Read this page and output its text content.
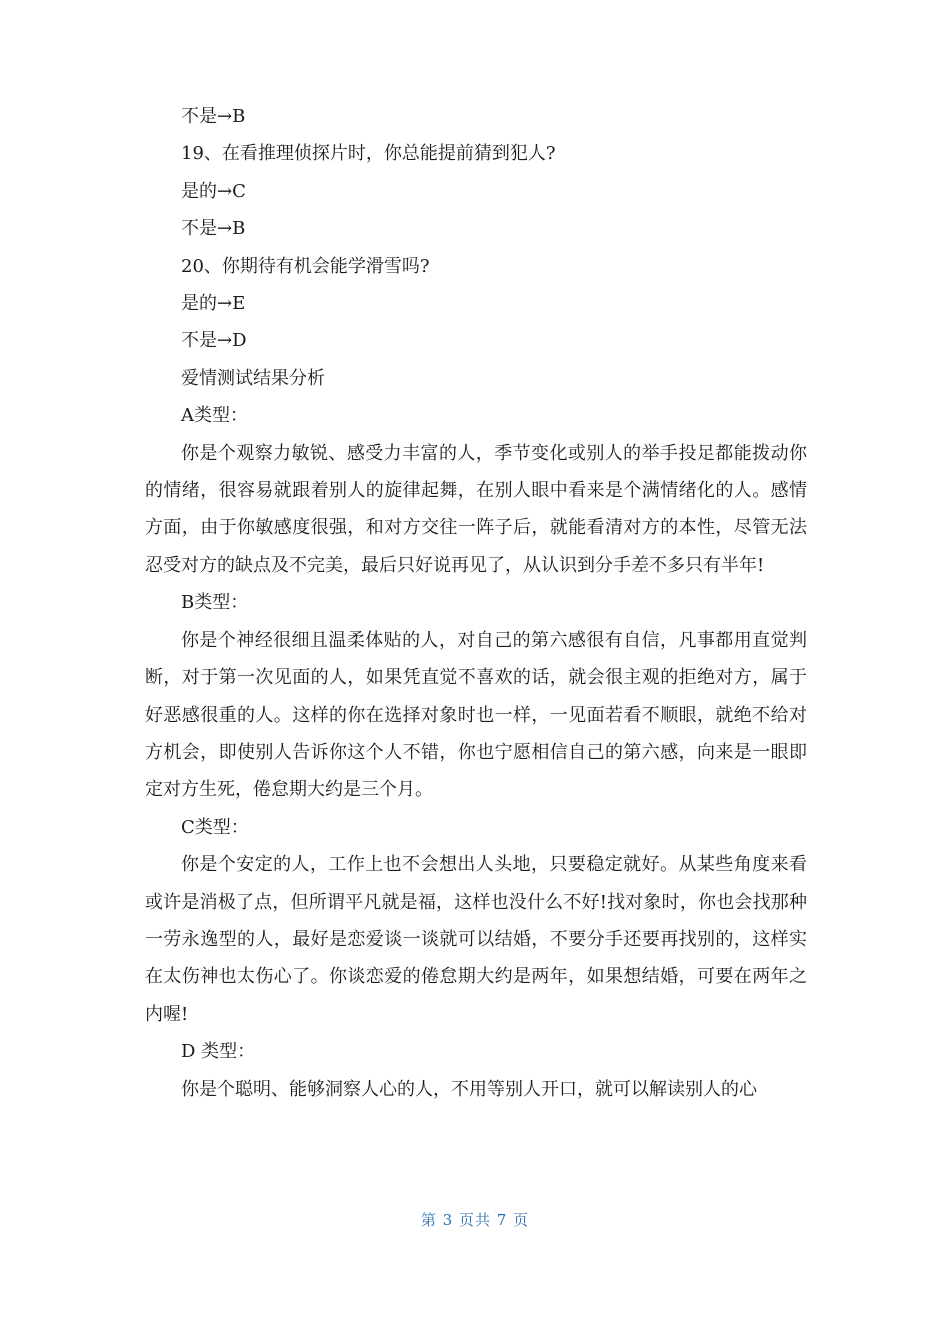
不是→B

19、在看推理侦探片时，你总能提前猜到犯人?

是的→C

不是→B

20、你期待有机会能学滑雪吗?

是的→E

不是→D

爱情测试结果分析

A类型：

你是个观察力敏锐、感受力丰富的人，季节变化或别人的举手投足都能拨动你的情绪，很容易就跟着别人的旋律起舞，在别人眼中看来是个满情绪化的人。感情方面，由于你敏感度很强，和对方交往一阵子后，就能看清对方的本性，尽管无法忍受对方的缺点及不完美，最后只好说再见了，从认识到分手差不多只有半年!

B类型：

你是个神经很细且温柔体贴的人，对自己的第六感很有自信，凡事都用直觉判断，对于第一次见面的人，如果凭直觉不喜欢的话，就会很主观的拒绝对方，属于好恶感很重的人。这样的你在选择对象时也一样，一见面若看不顺眼，就绝不给对方机会，即使别人告诉你这个人不错，你也宁愿相信自己的第六感，向来是一眼即定对方生死，倦怠期大约是三个月。

C类型：

你是个安定的人，工作上也不会想出人头地，只要稳定就好。从某些角度来看或许是消极了点，但所谓平凡就是福，这样也没什么不好!找对象时，你也会找那种一劳永逸型的人，最好是恋爱谈一谈就可以结婚，不要分手还要再找别的，这样实在太伤神也太伤心了。你谈恋爱的倦怠期大约是两年，如果想结婚，可要在两年之内喔!

D 类型：

你是个聪明、能够洞察人心的人，不用等别人开口，就可以解读别人的心

第 3 页共 7 页
